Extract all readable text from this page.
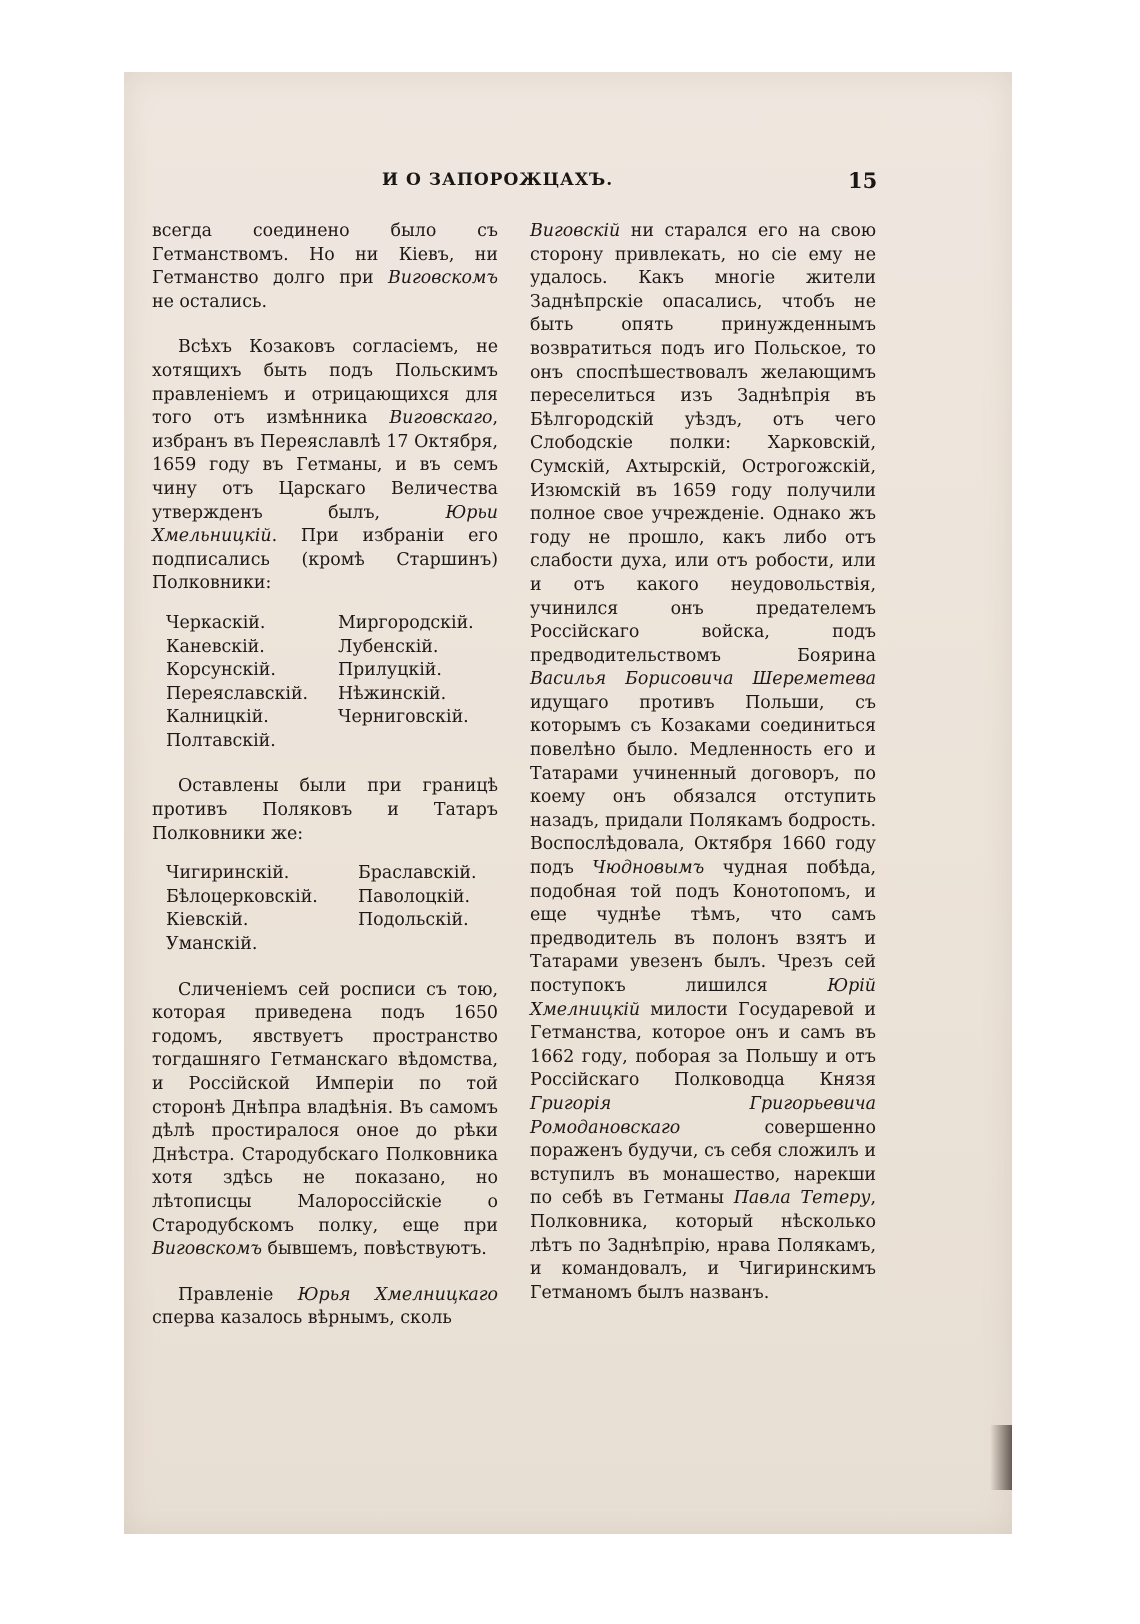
И О ЗАПОРОЖЦАХЪ.	15

всегда соединено было съ Гетманствомъ. Но ни Кіевъ, ни Гетманство долго при Виговскомъ не остались.

Всѣхъ Козаковъ согласіемъ, не хотящихъ быть подъ Польскимъ правленіемъ и отрицающихся для того отъ измѣнника Виговскаго, избранъ въ Переяславлѣ 17 Октября, 1659 году въ Гетманы, и въ семъ чину отъ Царскаго Величества утвержденъ былъ, Юрьи Хмельницкій. При избраніи его подписались (кромѣ Старшинъ) Полковники:

Черкаскій.	Миргородскій.
Каневскій.	Лубенскій.
Корсунскій.	Прилуцкій.
Переяславскій.	Нѣжинскій.
Калницкій.	Черниговскій.
Полтавскій.

Оставлены были при границѣ противъ Поляковъ и Татаръ Полковники же:

Чигиринскій.	Браславскій.
Бѣлоцерковскій.	Паволоцкій.
Кіевскій.	Подольскій.
Уманскій.

Сличеніемъ сей росписи съ тою, которая приведена подъ 1650 годомъ, явствуетъ пространство тогдашняго Гетманскаго вѣдомства, и Россійской Имперіи по той сторонѣ Днѣпра владѣнія. Въ самомъ дѣлѣ простиралося оное до рѣки Днѣстра. Стародубскаго Полковника хотя здѣсь не показано, но лѣтописцы Малороссійскіе о Стародубскомъ полку, еще при Виговскомъ бывшемъ, повѣствуютъ.

Правленіе Юрья Хмелницкаго сперва казалось вѣрнымъ, сколь

Виговскій ни старался его на свою сторону привлекать, но сіе ему не удалось. Какъ многіе жители Заднѣпрскіе опасались, чтобъ не быть опять принужденнымъ возвратиться подъ иго Польское, то онъ споспѣшествовалъ желающимъ переселиться изъ Заднѣпрія въ Бѣлгородскій уѣздъ, отъ чего Слободскіе полки: Харковскій, Сумскій, Ахтырскій, Острогожскій, Изюмскій въ 1659 году получили полное свое учрежденіе. Однако жъ году не прошло, какъ либо отъ слабости духа, или отъ робости, или и отъ какого неудовольствія, учинился онъ предателемъ Россійскаго войска, подъ предводительствомъ Боярина Василья Борисовича Шереметева идущаго противъ Польши, съ которымъ съ Козаками соединиться повелѣно было. Медленность его и Татарами учиненный договоръ, по коему онъ обязался отступить назадъ, придали Полякамъ бодрость. Воспослѣдовала, Октября 1660 году подъ Чюдновымъ чудная побѣда, подобная той подъ Конотопомъ, и еще чуднѣе тѣмъ, что самъ предводитель въ полонъ взятъ и Татарами увезенъ былъ. Чрезъ сей поступокъ лишился Юрій Хмелницкій милости Государевой и Гетманства, которое онъ и самъ въ 1662 году, поборая за Польшу и отъ Россійскаго Полководца Князя Григорія Григорьевича Ромодановскаго совершенно пораженъ будучи, съ себя сложилъ и вступилъ въ монашество, нарекши по себѣ въ Гетманы Павла Тетеру, Полковника, который нѣсколько лѣтъ по Заднѣпрію, нрава Полякамъ, и командовалъ, и Чигиринскимъ Гетманомъ былъ названъ.
